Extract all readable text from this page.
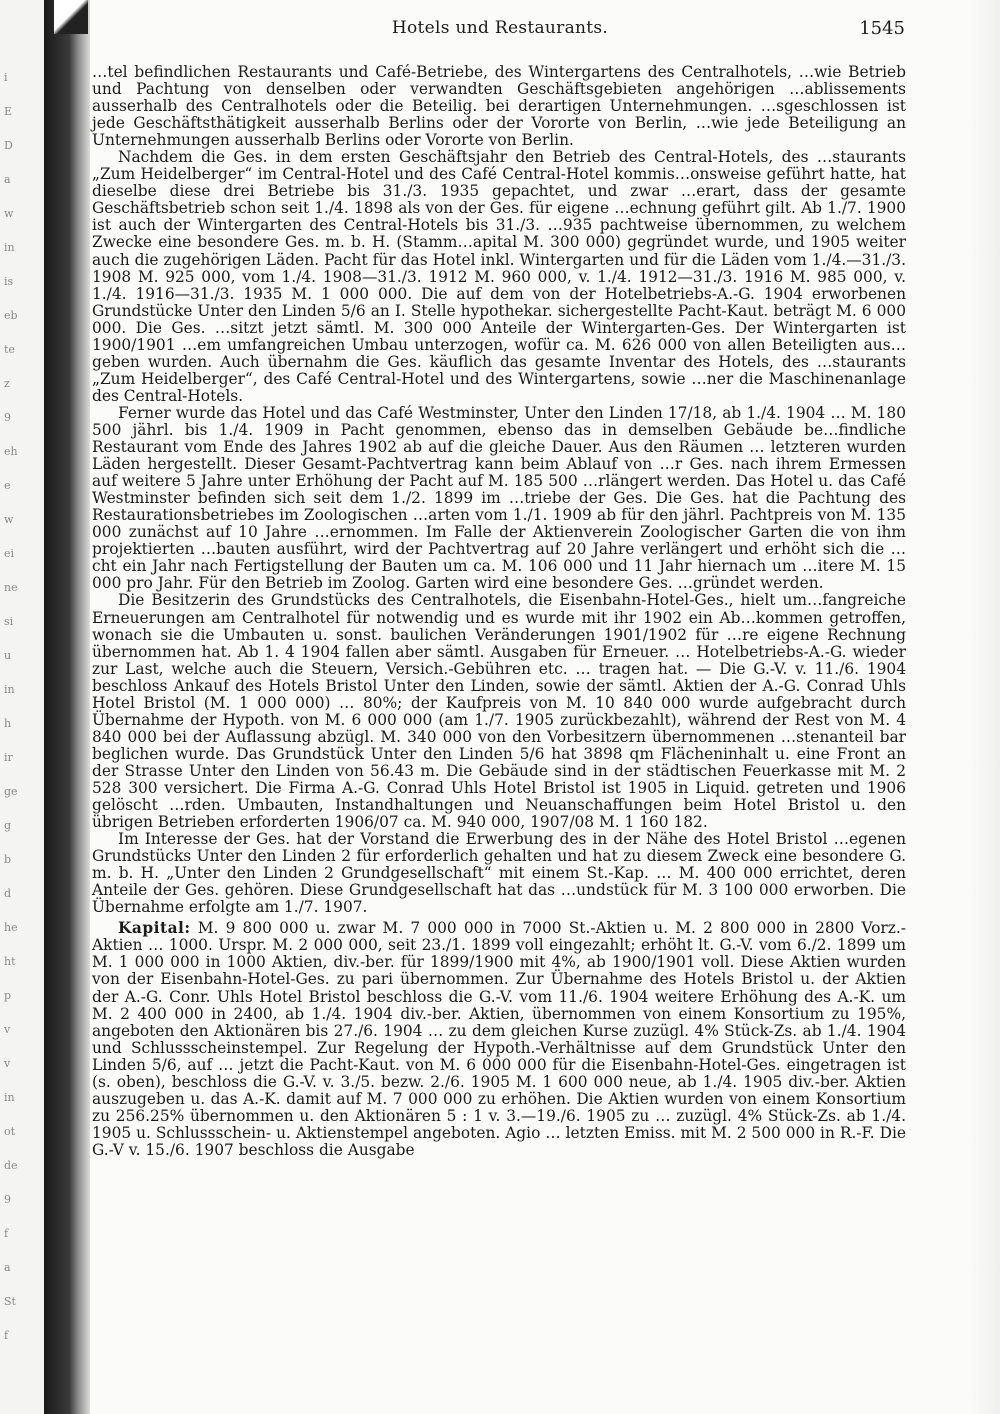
i
E
D
a
w
in
is
eb
te
z
9
eh
e
w
ei
ne
si
u
in
h
ir
ge
g
b
d
he
ht
p
v
v
in
ot
de
9
f
a
St
f
Hotels und Restaurants.	1545

…tel befindlichen Restaurants und Café-Betriebe, des Wintergartens des Centralhotels, …wie Betrieb und Pachtung von denselben oder verwandten Geschäftsgebieten angehörigen …ablissements ausserhalb des Centralhotels oder die Beteilig. bei derartigen Unternehmungen. …sgeschlossen ist jede Geschäftsthätigkeit ausserhalb Berlins oder der Vororte von Berlin, …wie jede Beteiligung an Unternehmungen ausserhalb Berlins oder Vororte von Berlin.

Nachdem die Ges. in dem ersten Geschäftsjahr den Betrieb des Central-Hotels, des …staurants „Zum Heidelberger“ im Central-Hotel und des Café Central-Hotel kommis…onsweise geführt hatte, hat dieselbe diese drei Betriebe bis 31./3. 1935 gepachtet, und zwar …erart, dass der gesamte Geschäftsbetrieb schon seit 1./4. 1898 als von der Ges. für eigene …echnung geführt gilt. Ab 1./7. 1900 ist auch der Wintergarten des Central-Hotels bis 31./3. …935 pachtweise übernommen, zu welchem Zwecke eine besondere Ges. m. b. H. (Stamm…apital M. 300 000) gegründet wurde, und 1905 weiter auch die zugehörigen Läden. Pacht für das Hotel inkl. Wintergarten und für die Läden vom 1./4.—31./3. 1908 M. 925 000, vom 1./4. 1908—31./3. 1912 M. 960 000, v. 1./4. 1912—31./3. 1916 M. 985 000, v. 1./4. 1916—31./3. 1935 M. 1 000 000. Die auf dem von der Hotelbetriebs-A.-G. 1904 erworbenen Grundstücke Unter den Linden 5/6 an I. Stelle hypothekar. sichergestellte Pacht-Kaut. beträgt M. 6 000 000. Die Ges. …sitzt jetzt sämtl. M. 300 000 Anteile der Wintergarten-Ges. Der Wintergarten ist 1900/1901 …em umfangreichen Umbau unterzogen, wofür ca. M. 626 000 von allen Beteiligten aus…geben wurden. Auch übernahm die Ges. käuflich das gesamte Inventar des Hotels, des …staurants „Zum Heidelberger“, des Café Central-Hotel und des Wintergartens, sowie …ner die Maschinenanlage des Central-Hotels.

Ferner wurde das Hotel und das Café Westminster, Unter den Linden 17/18, ab 1./4. 1904 … M. 180 500 jährl. bis 1./4. 1909 in Pacht genommen, ebenso das in demselben Gebäude be…findliche Restaurant vom Ende des Jahres 1902 ab auf die gleiche Dauer. Aus den Räumen … letzteren wurden Läden hergestellt. Dieser Gesamt-Pachtvertrag kann beim Ablauf von …r Ges. nach ihrem Ermessen auf weitere 5 Jahre unter Erhöhung der Pacht auf M. 185 500 …rlängert werden. Das Hotel u. das Café Westminster befinden sich seit dem 1./2. 1899 im …triebe der Ges. Die Ges. hat die Pachtung des Restaurationsbetriebes im Zoologischen …arten vom 1./1. 1909 ab für den jährl. Pachtpreis von M. 135 000 zunächst auf 10 Jahre …ernommen. Im Falle der Aktienverein Zoologischer Garten die von ihm projektierten …bauten ausführt, wird der Pachtvertrag auf 20 Jahre verlängert und erhöht sich die …cht ein Jahr nach Fertigstellung der Bauten um ca. M. 106 000 und 11 Jahr hiernach um …itere M. 15 000 pro Jahr. Für den Betrieb im Zoolog. Garten wird eine besondere Ges. …gründet werden.

Die Besitzerin des Grundstücks des Centralhotels, die Eisenbahn-Hotel-Ges., hielt um…fangreiche Erneuerungen am Centralhotel für notwendig und es wurde mit ihr 1902 ein Ab…kommen getroffen, wonach sie die Umbauten u. sonst. baulichen Veränderungen 1901/1902 für …re eigene Rechnung übernommen hat. Ab 1. 4 1904 fallen aber sämtl. Ausgaben für Erneuer. … Hotelbetriebs-A.-G. wieder zur Last, welche auch die Steuern, Versich.-Gebühren etc. … tragen hat. — Die G.-V. v. 11./6. 1904 beschloss Ankauf des Hotels Bristol Unter den Linden, sowie der sämtl. Aktien der A.-G. Conrad Uhls Hotel Bristol (M. 1 000 000) … 80%; der Kaufpreis von M. 10 840 000 wurde aufgebracht durch Übernahme der Hypoth. von M. 6 000 000 (am 1./7. 1905 zurückbezahlt), während der Rest von M. 4 840 000 bei der Auflassung abzügl. M. 340 000 von den Vorbesitzern übernommenen …stenanteil bar beglichen wurde. Das Grundstück Unter den Linden 5/6 hat 3898 qm Flächeninhalt u. eine Front an der Strasse Unter den Linden von 56.43 m. Die Gebäude sind in der städtischen Feuerkasse mit M. 2 528 300 versichert. Die Firma A.-G. Conrad Uhls Hotel Bristol ist 1905 in Liquid. getreten und 1906 gelöscht …rden. Umbauten, Instandhaltungen und Neuanschaffungen beim Hotel Bristol u. den übrigen Betrieben erforderten 1906/07 ca. M. 940 000, 1907/08 M. 1 160 182.

Im Interesse der Ges. hat der Vorstand die Erwerbung des in der Nähe des Hotel Bristol …egenen Grundstücks Unter den Linden 2 für erforderlich gehalten und hat zu diesem Zweck eine besondere G. m. b. H. „Unter den Linden 2 Grundgesellschaft“ mit einem St.-Kap. … M. 400 000 errichtet, deren Anteile der Ges. gehören. Diese Grundgesellschaft hat das …undstück für M. 3 100 000 erworben. Die Übernahme erfolgte am 1./7. 1907.

Kapital: M. 9 800 000 u. zwar M. 7 000 000 in 7000 St.-Aktien u. M. 2 800 000 in 2800 Vorz.-Aktien … 1000. Urspr. M. 2 000 000, seit 23./1. 1899 voll eingezahlt; erhöht lt. G.-V. vom 6./2. 1899 um M. 1 000 000 in 1000 Aktien, div.-ber. für 1899/1900 mit 4%, ab 1900/1901 voll. Diese Aktien wurden von der Eisenbahn-Hotel-Ges. zu pari übernommen. Zur Übernahme des Hotels Bristol u. der Aktien der A.-G. Conr. Uhls Hotel Bristol beschloss die G.-V. vom 11./6. 1904 weitere Erhöhung des A.-K. um M. 2 400 000 in 2400, ab 1./4. 1904 div.-ber. Aktien, übernommen von einem Konsortium zu 195%, angeboten den Aktionären bis 27./6. 1904 … zu dem gleichen Kurse zuzügl. 4% Stück-Zs. ab 1./4. 1904 und Schlussscheinstempel. Zur Regelung der Hypoth.-Verhältnisse auf dem Grundstück Unter den Linden 5/6, auf … jetzt die Pacht-Kaut. von M. 6 000 000 für die Eisenbahn-Hotel-Ges. eingetragen ist (s. oben), beschloss die G.-V. v. 3./5. bezw. 2./6. 1905 M. 1 600 000 neue, ab 1./4. 1905 div.-ber. Aktien auszugeben u. das A.-K. damit auf M. 7 000 000 zu erhöhen. Die Aktien wurden von einem Konsortium zu 256.25% übernommen u. den Aktionären 5 : 1 v. 3.—19./6. 1905 zu … zuzügl. 4% Stück-Zs. ab 1./4. 1905 u. Schlussschein- u. Aktienstempel angeboten. Agio … letzten Emiss. mit M. 2 500 000 in R.-F. Die G.-V v. 15./6. 1907 beschloss die Ausgabe
